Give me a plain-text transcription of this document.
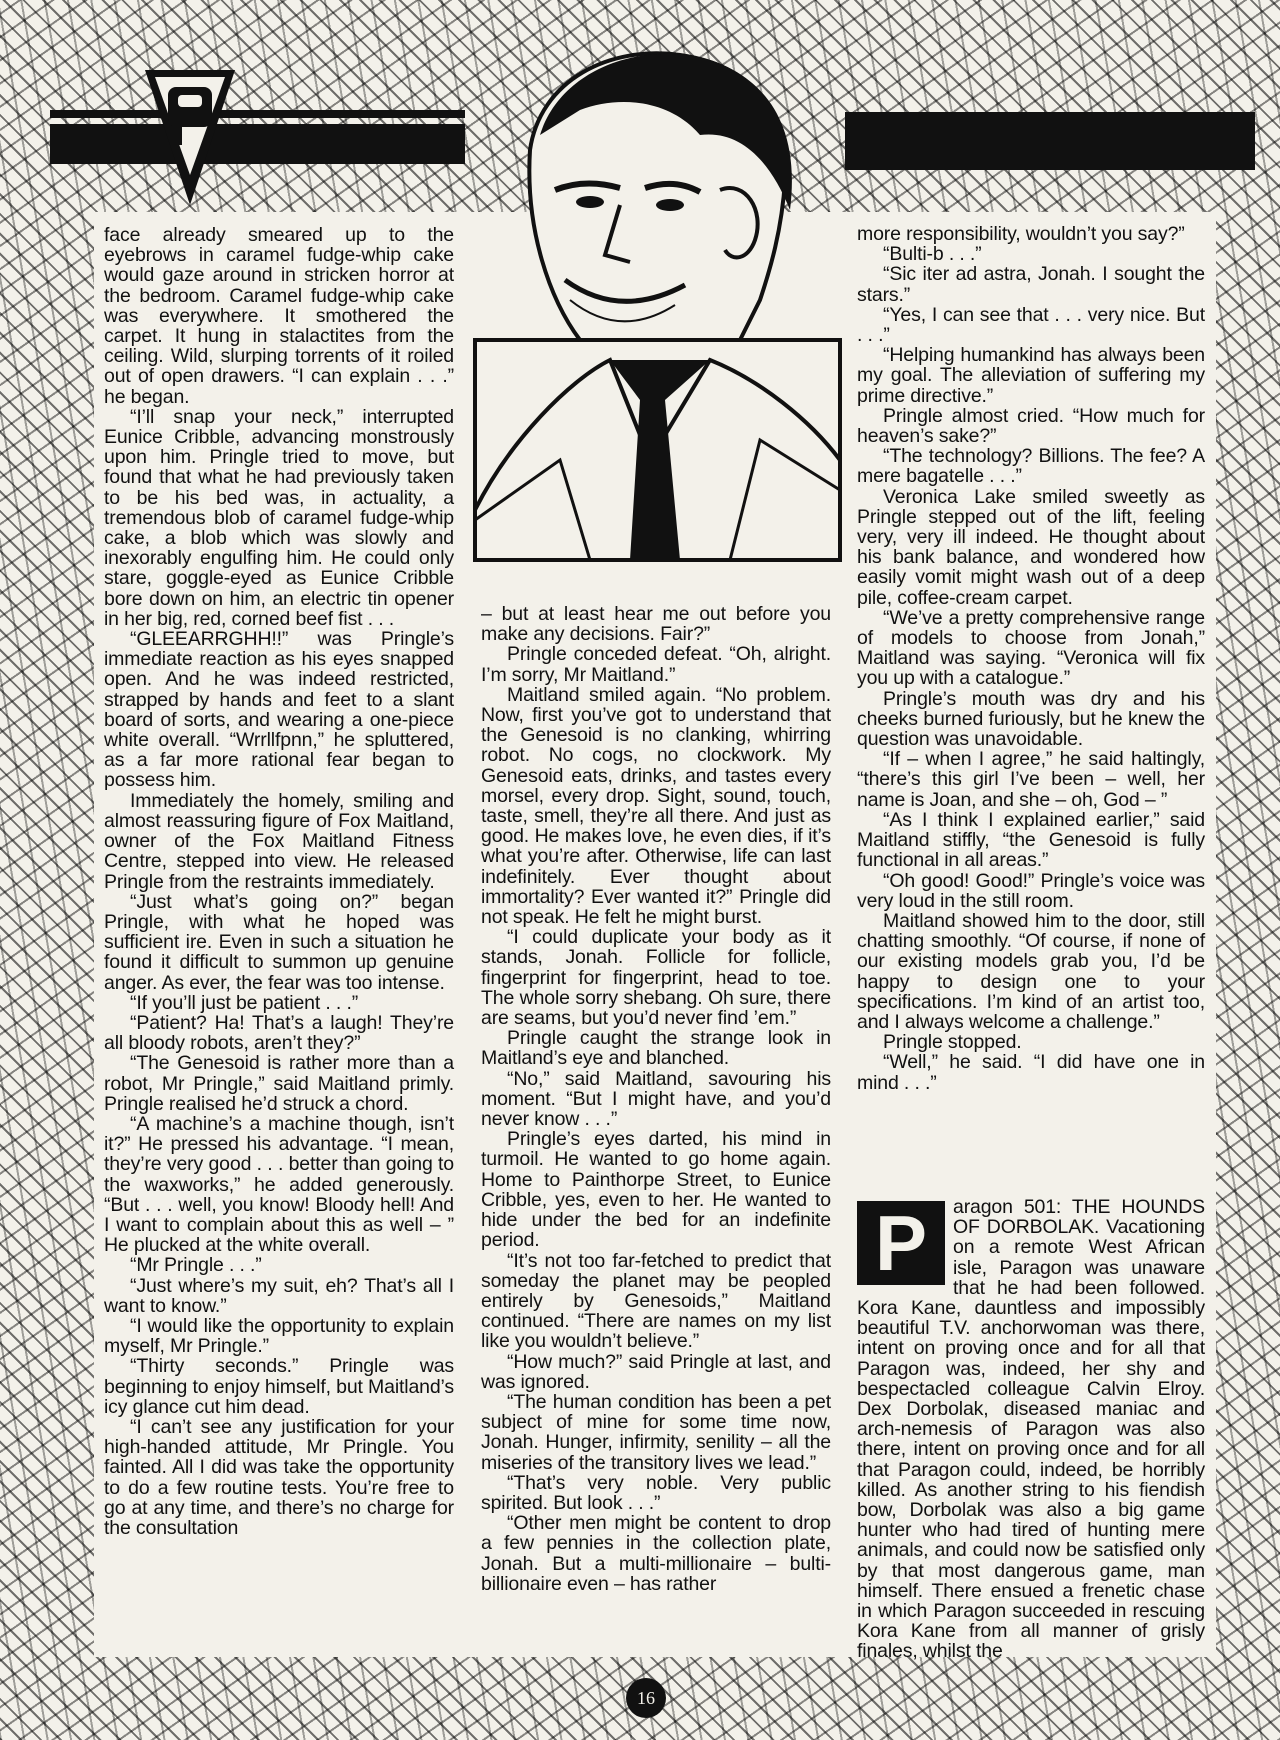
face already smeared up to the eyebrows in caramel fudge-whip cake would gaze around in stricken horror at the bedroom. Caramel fudge-whip cake was everywhere. It smothered the carpet. It hung in stalactites from the ceiling. Wild, slurping torrents of it roiled out of open drawers. “I can explain . . .” he began.

“I’ll snap your neck,” interrupted Eunice Cribble, advancing monstrously upon him. Pringle tried to move, but found that what he had previously taken to be his bed was, in actuality, a tremendous blob of caramel fudge-whip cake, a blob which was slowly and inexorably engulfing him. He could only stare, goggle-eyed as Eunice Cribble bore down on him, an electric tin opener in her big, red, corned beef fist . . .

“GLEEARRGHH!!” was Pringle’s immediate reaction as his eyes snapped open. And he was indeed restricted, strapped by hands and feet to a slant board of sorts, and wearing a one-piece white overall. “Wrrllfpnn,” he spluttered, as a far more rational fear began to possess him.

Immediately the homely, smiling and almost reassuring figure of Fox Maitland, owner of the Fox Maitland Fitness Centre, stepped into view. He released Pringle from the restraints immediately.

“Just what’s going on?” began Pringle, with what he hoped was sufficient ire. Even in such a situation he found it difficult to summon up genuine anger. As ever, the fear was too intense.

“If you’ll just be patient . . .”

“Patient? Ha! That’s a laugh! They’re all bloody robots, aren’t they?”

“The Genesoid is rather more than a robot, Mr Pringle,” said Maitland primly. Pringle realised he’d struck a chord.

“A machine’s a machine though, isn’t it?” He pressed his advantage. “I mean, they’re very good . . . better than going to the waxworks,” he added generously. “But . . . well, you know! Bloody hell! And I want to complain about this as well – ” He plucked at the white overall.

“Mr Pringle . . .”

“Just where’s my suit, eh? That’s all I want to know.”

“I would like the opportunity to explain myself, Mr Pringle.”

“Thirty seconds.” Pringle was beginning to enjoy himself, but Maitland’s icy glance cut him dead.

“I can’t see any justification for your high-handed attitude, Mr Pringle. You fainted. All I did was take the opportunity to do a few routine tests. You’re free to go at any time, and there’s no charge for the consultation

– but at least hear me out before you make any decisions. Fair?”

Pringle conceded defeat. “Oh, alright. I’m sorry, Mr Maitland.”

Maitland smiled again. “No problem. Now, first you’ve got to understand that the Genesoid is no clanking, whirring robot. No cogs, no clockwork. My Genesoid eats, drinks, and tastes every morsel, every drop. Sight, sound, touch, taste, smell, they’re all there. And just as good. He makes love, he even dies, if it’s what you’re after. Otherwise, life can last indefinitely. Ever thought about immortality? Ever wanted it?” Pringle did not speak. He felt he might burst.

“I could duplicate your body as it stands, Jonah. Follicle for follicle, fingerprint for fingerprint, head to toe. The whole sorry shebang. Oh sure, there are seams, but you’d never find ’em.”

Pringle caught the strange look in Maitland’s eye and blanched.

“No,” said Maitland, savouring his moment. “But I might have, and you’d never know . . .”

Pringle’s eyes darted, his mind in turmoil. He wanted to go home again. Home to Painthorpe Street, to Eunice Cribble, yes, even to her. He wanted to hide under the bed for an indefinite period.

“It’s not too far-fetched to predict that someday the planet may be peopled entirely by Genesoids,” Maitland continued. “There are names on my list like you wouldn’t believe.”

“How much?” said Pringle at last, and was ignored.

“The human condition has been a pet subject of mine for some time now, Jonah. Hunger, infirmity, senility – all the miseries of the transitory lives we lead.”

“That’s very noble. Very public spirited. But look . . .”

“Other men might be content to drop a few pennies in the collection plate, Jonah. But a multi-millionaire – bulti-billionaire even – has rather

more responsibility, wouldn’t you say?”

“Bulti-b . . .”

“Sic iter ad astra, Jonah. I sought the stars.”

“Yes, I can see that . . . very nice. But . . .”

“Helping humankind has always been my goal. The alleviation of suffering my prime directive.”

Pringle almost cried. “How much for heaven’s sake?”

“The technology? Billions. The fee? A mere bagatelle . . .”

Veronica Lake smiled sweetly as Pringle stepped out of the lift, feeling very, very ill indeed. He thought about his bank balance, and wondered how easily vomit might wash out of a deep pile, coffee-cream carpet.

“We’ve a pretty comprehensive range of models to choose from Jonah,” Maitland was saying. “Veronica will fix you up with a catalogue.”

Pringle’s mouth was dry and his cheeks burned furiously, but he knew the question was unavoidable.

“If – when I agree,” he said haltingly, “there’s this girl I’ve been – well, her name is Joan, and she – oh, God – ”

“As I think I explained earlier,” said Maitland stiffly, “the Genesoid is fully functional in all areas.”

“Oh good! Good!” Pringle’s voice was very loud in the still room.

Maitland showed him to the door, still chatting smoothly. “Of course, if none of our existing models grab you, I’d be happy to design one to your specifications. I’m kind of an artist too, and I always welcome a challenge.”

Pringle stopped.

“Well,” he said. “I did have one in mind . . .”

P	aragon 501: THE HOUNDS OF DORBOLAK. Vacationing on a remote West African isle, Paragon was unaware that he had been followed. Kora Kane, dauntless and impossibly beautiful T.V. anchorwoman was there, intent on proving once and for all that Paragon was, indeed, her shy and bespectacled colleague Calvin Elroy. Dex Dorbolak, diseased maniac and arch-nemesis of Paragon was also there, intent on proving once and for all that Paragon could, indeed, be horribly killed. As another string to his fiendish bow, Dorbolak was also a big game hunter who had tired of hunting mere animals, and could now be satisfied only by that most dangerous game, man himself. There ensued a frenetic chase in which Paragon succeeded in rescuing Kora Kane from all manner of grisly finales, whilst the

16
